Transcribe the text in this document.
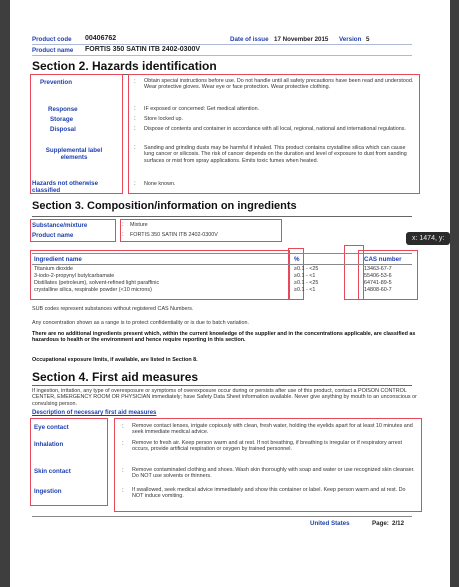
Product code 00406762	Date of issue 17 November 2015 Version 5
Product name FORTIS 350 SATIN ITB 2402-0300V
Section 2. Hazards identification
Prevention	: Obtain special instructions before use. Do not handle until all safety precautions have been read and understood. Wear protective gloves. Wear eye or face protection. Wear protective clothing.
Response	: IF exposed or concerned: Get medical attention.
Storage	: Store locked up.
Disposal	: Dispose of contents and container in accordance with all local, regional, national and international regulations.
Supplemental label elements
: Sanding and grinding dusts may be harmful if inhaled. This product contains crystalline silica which can cause lung cancer or silicosis. The risk of cancer depends on the duration and level of exposure to dust from sanding surfaces or mist from spray applications. Emits toxic fumes when heated.
Hazards not otherwise classified
: None known.
Section 3. Composition/information on ingredients
Substance/mixture	: Mixture
Product name	: FORTIS 350 SATIN ITB 2402-0300V
Ingredient name	%	CAS number
Titanium dioxide	≥0.1 - <25	13463-67-7
3-iodo-2-propynyl butylcarbamate	≥0.1 - <1	55406-53-6
Distillates (petroleum), solvent-refined light paraffinic	≥0.1 - <25	64741-89-5
crystalline silica, respirable powder (<10 microns)	≥0.1 - <1	14808-60-7
SUB codes represent substances without registered CAS Numbers.
Any concentration shown as a range is to protect confidentiality or is due to batch variation.
There are no additional ingredients present which, within the current knowledge of the supplier and in the concentrations applicable, are classified as hazardous to health or the environment and hence require reporting in this section.
Occupational exposure limits, if available, are listed in Section 8.
Section 4. First aid measures
If ingestion, irritation, any type of overexposure or symptoms of overexposure occur during or persists after use of this product, contact a POISON CONTROL CENTER, EMERGENCY ROOM OR PHYSICIAN immediately; have Safety Data Sheet information available. Never give anything by mouth to an unconscious or convulsing person.
Description of necessary first aid measures
Eye contact	: Remove contact lenses, irrigate copiously with clean, fresh water, holding the eyelids apart for at least 10 minutes and seek immediate medical advice.
Inhalation	: Remove to fresh air. Keep person warm and at rest. If not breathing, if breathing is irregular or if respiratory arrest occurs, provide artificial respiration or oxygen by trained personnel.
Skin contact	: Remove contaminated clothing and shoes. Wash skin thoroughly with soap and water or use recognized skin cleanser. Do NOT use solvents or thinners.
Ingestion	: If swallowed, seek medical advice immediately and show this container or label. Keep person warm and at rest. Do NOT induce vomiting.
United States	Page: 2/12
x: 1474, y:
